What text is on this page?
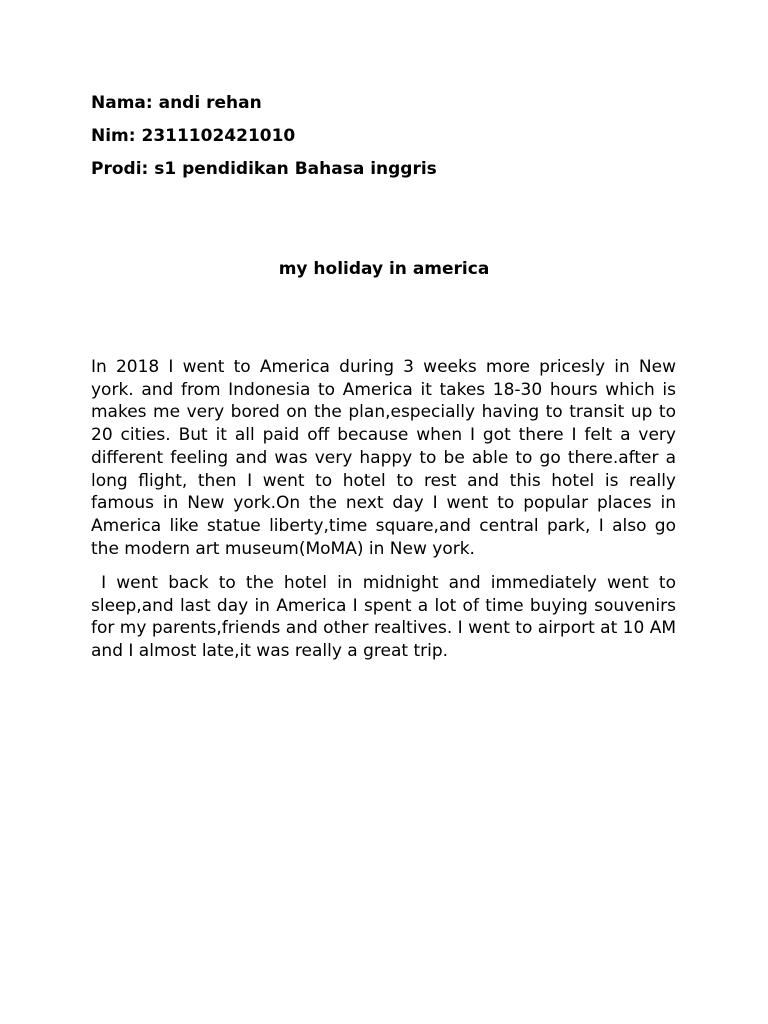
Nama: andi rehan
Nim: 2311102421010
Prodi: s1 pendidikan Bahasa inggris
my holiday in america

In 2018 I went to America during 3 weeks more pricesly in New york. and from Indonesia to America it takes 18-30 hours which is makes me very bored on the plan,especially having to transit up to 20 cities. But it all paid off because when I got there I felt a very different feeling and was very happy to be able to go there.after a long flight, then I went to hotel to rest and this hotel is really famous in New york.On the next day I went to popular places in America like statue liberty,time square,and central park, I also go the modern art museum(MoMA) in New york.

I went back to the hotel in midnight and immediately went to sleep,and last day in America I spent a lot of time buying souvenirs for my parents,friends and other realtives. I went to airport at 10 AM and I almost late,it was really a great trip.
